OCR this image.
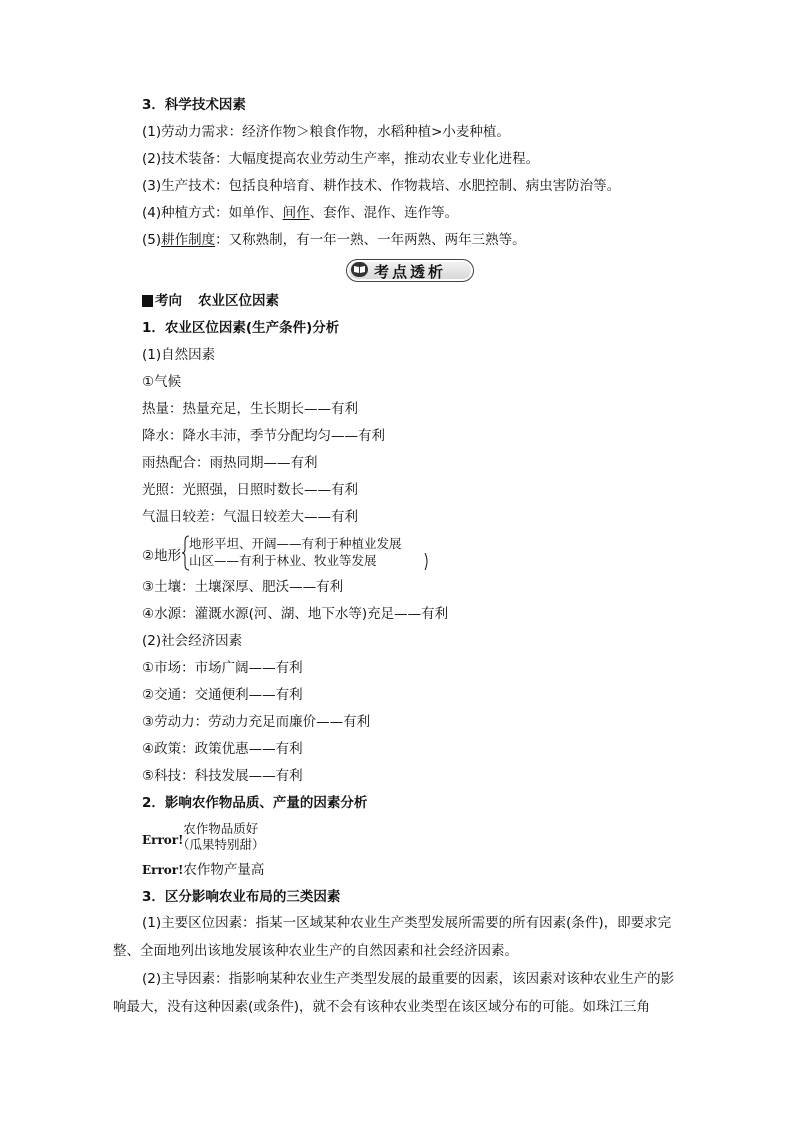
3．科学技术因素
(1)劳动力需求：经济作物＞粮食作物，水稻种植>小麦种植。
(2)技术装备：大幅度提高农业劳动生产率，推动农业专业化进程。
(3)生产技术：包括良种培育、耕作技术、作物栽培、水肥控制、病虫害防治等。
(4)种植方式：如单作、间作、套作、混作、连作等。
(5)耕作制度：又称熟制，有一年一熟、一年两熟、两年三熟等。
考点透析
考向 农业区位因素
1．农业区位因素(生产条件)分析
(1)自然因素
①气候
热量：热量充足，生长期长——有利
降水：降水丰沛，季节分配均匀——有利
雨热配合：雨热同期——有利
光照：光照强，日照时数长——有利
气温日较差：气温日较差大——有利
②地形
地形平坦、开阔——有利于种植业发展
山区——有利于林业、牧业等发展
③土壤：土壤深厚、肥沃——有利
④水源：灌溉水源(河、湖、地下水等)充足——有利
(2)社会经济因素
①市场：市场广阔——有利
②交通：交通便利——有利
③劳动力：劳动力充足而廉价——有利
④政策：政策优惠——有利
⑤科技：科技发展——有利
2．影响农作物品质、产量的因素分析
Error!
农作物品质好
（瓜果特别甜）
Error!农作物产量高
3．区分影响农业布局的三类因素
(1)主要区位因素：指某一区域某种农业生产类型发展所需要的所有因素(条件)，即要求完整、全面地列出该地发展该种农业生产的自然因素和社会经济因素。
(2)主导因素：指影响某种农业生产类型发展的最重要的因素，该因素对该种农业生产的影响最大，没有这种因素(或条件)，就不会有该种农业类型在该区域分布的可能。如珠江三角
